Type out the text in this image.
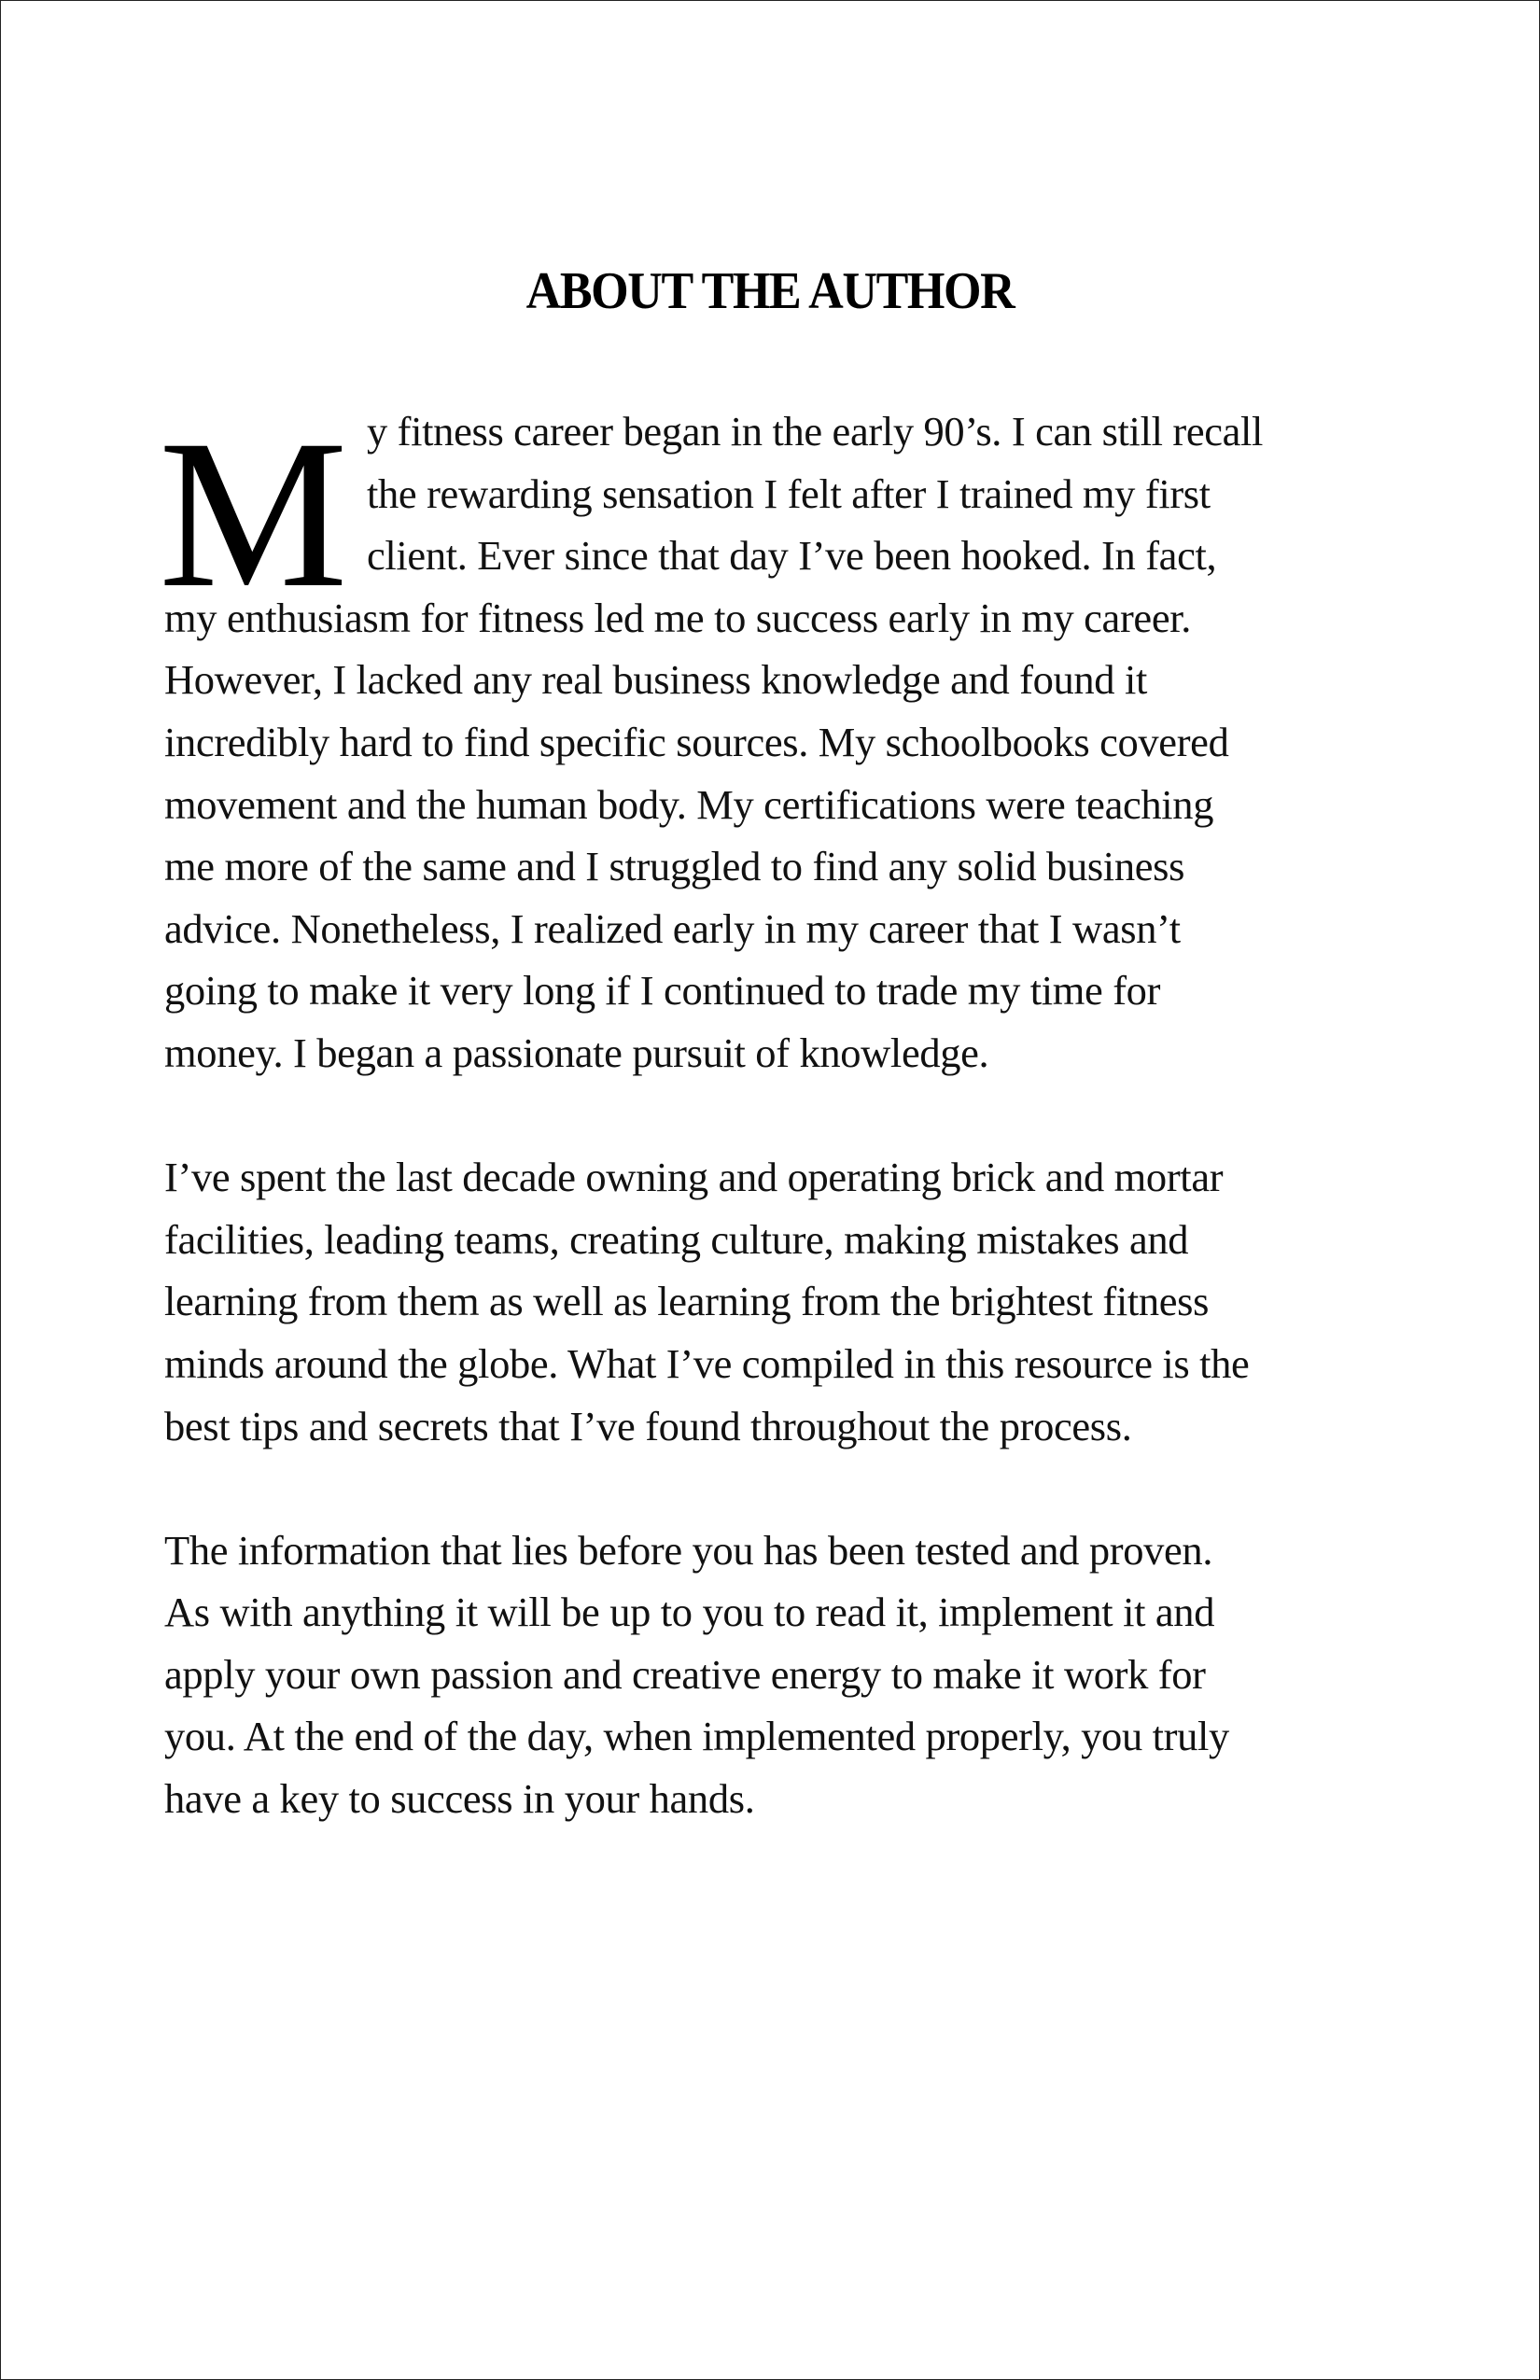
ABOUT THE AUTHOR

M y fitness career began in the early 90’s. I can still recall
the rewarding sensation I felt after I trained my first
client. Ever since that day I’ve been hooked. In fact,
my enthusiasm for fitness led me to success early in my career.
However, I lacked any real business knowledge and found it
incredibly hard to find specific sources. My schoolbooks covered
movement and the human body. My certifications were teaching
me more of the same and I struggled to find any solid business
advice. Nonetheless, I realized early in my career that I wasn’t
going to make it very long if I continued to trade my time for
money. I began a passionate pursuit of knowledge.

I’ve spent the last decade owning and operating brick and mortar
facilities, leading teams, creating culture, making mistakes and
learning from them as well as learning from the brightest fitness
minds around the globe. What I’ve compiled in this resource is the
best tips and secrets that I’ve found throughout the process.

The information that lies before you has been tested and proven.
As with anything it will be up to you to read it, implement it and
apply your own passion and creative energy to make it work for
you. At the end of the day, when implemented properly, you truly
have a key to success in your hands.
